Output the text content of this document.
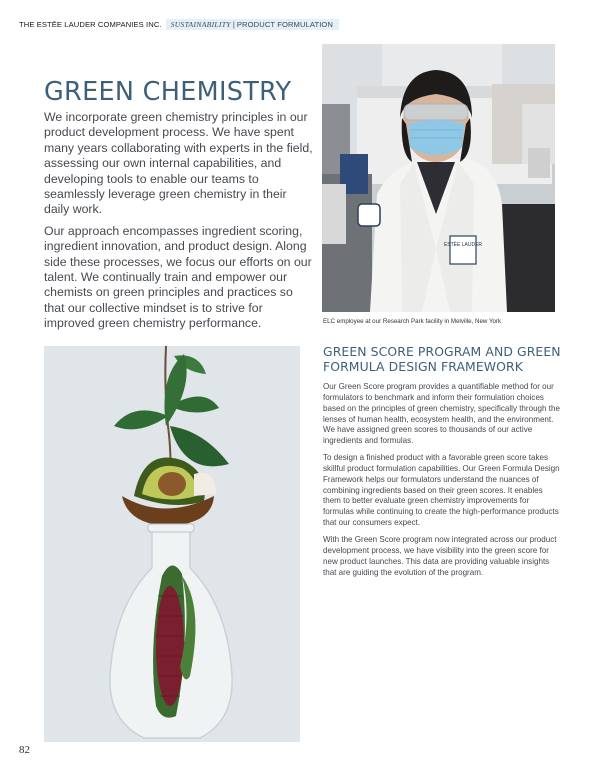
THE ESTĒE LAUDER COMPANIES INC. SUSTAINABILITY | PRODUCT FORMULATION
GREEN CHEMISTRY

We incorporate green chemistry principles in our product development process. We have spent many years collaborating with experts in the field, assessing our own internal capabilities, and developing tools to enable our teams to seamlessly leverage green chemistry in their daily work.

Our approach encompasses ingredient scoring, ingredient innovation, and product design. Along side these processes, we focus our efforts on our talent. We continually train and empower our chemists on green principles and practices so that our collective mindset is to strive for improved green chemistry performance.

ESTĒE LAUDER
ELC employee at our Research Park facility in Melville, New York
GREEN SCORE PROGRAM AND GREEN FORMULA DESIGN FRAMEWORK

Our Green Score program provides a quantifiable method for our formulators to benchmark and inform their formulation choices based on the principles of green chemistry, specifically through the lenses of human health, ecosystem health, and the environment. We have assigned green scores to thousands of our active ingredients and formulas.

To design a finished product with a favorable green score takes skillful product formulation capabilities. Our Green Formula Design Framework helps our formulators understand the nuances of combining ingredients based on their green scores. It enables them to better evaluate green chemistry improvements for formulas while continuing to create the high-performance products that our consumers expect.

With the Green Score program now integrated across our product development process, we have visibility into the green score for new product launches. This data are providing valuable insights that are guiding the evolution of the program.

82
